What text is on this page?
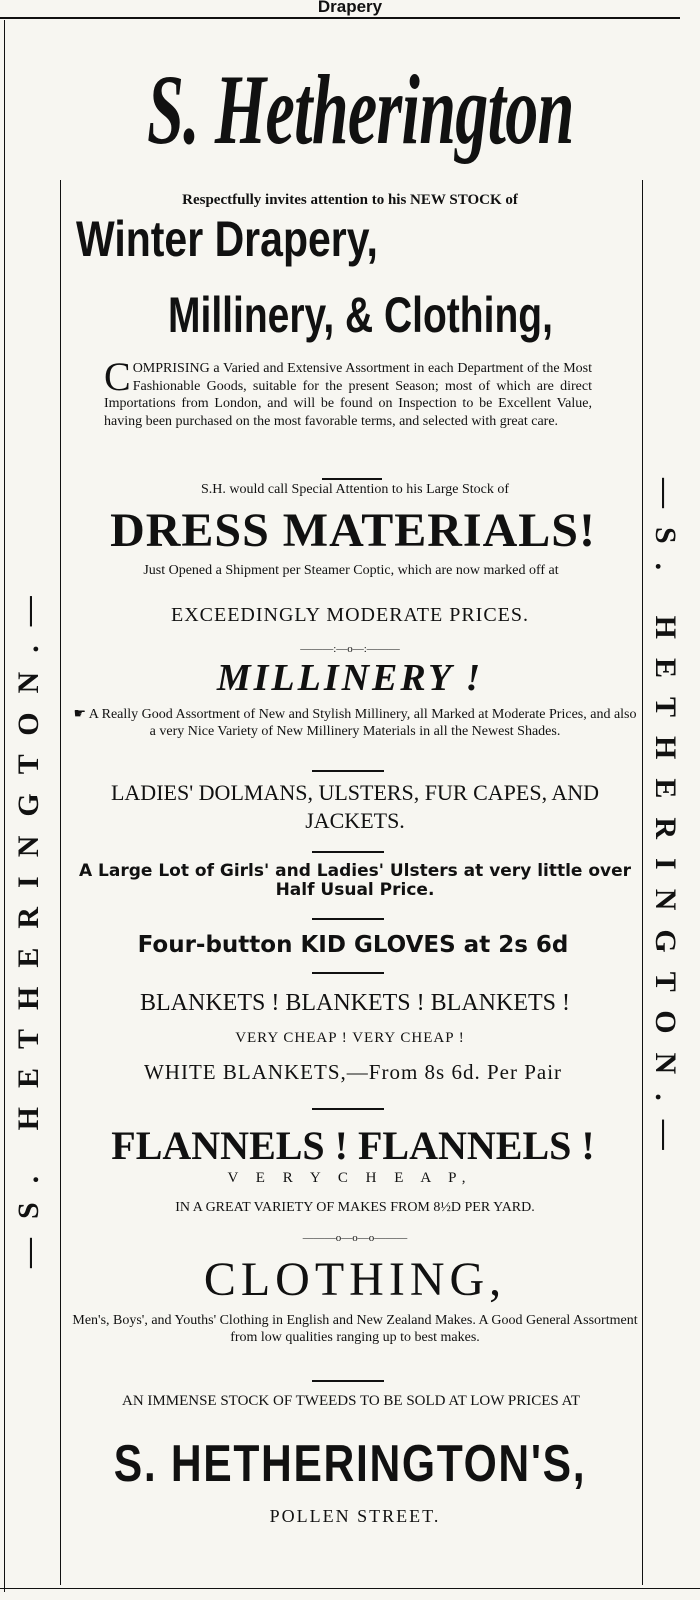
Drapery
—S. HETHERINGTON.—	—S. HETHERINGTON.—
S. Hetherington
Respectfully invites attention to his NEW STOCK of
Winter Drapery,
Millinery, & Clothing,
COMPRISING a Varied and Extensive Assortment in each Department of the Most Fashionable Goods, suitable for the present Season; most of which are direct Importations from London, and will be found on Inspection to be Excellent Value, having been purchased on the most favorable terms, and selected with great care.
S.H. would call Special Attention to his Large Stock of
DRESS MATERIALS!
Just Opened a Shipment per Steamer Coptic, which are now marked off at
EXCEEDINGLY MODERATE PRICES.
———:—o—:———
MILLINERY !
☛ A Really Good Assortment of New and Stylish Millinery, all Marked at Moderate Prices, and also a very Nice Variety of New Millinery Materials in all the Newest Shades.
LADIES' DOLMANS, ULSTERS, FUR CAPES, AND JACKETS.
A Large Lot of Girls' and Ladies' Ulsters at very little over Half Usual Price.
Four-button KID GLOVES at 2s 6d
BLANKETS ! BLANKETS ! BLANKETS !
VERY CHEAP ! VERY CHEAP !
WHITE BLANKETS,—From 8s 6d. Per Pair
FLANNELS ! FLANNELS !
V E R Y C H E A P,
IN A GREAT VARIETY OF MAKES FROM 8½D PER YARD.
———o—o—o———
CLOTHING,
Men's, Boys', and Youths' Clothing in English and New Zealand Makes. A Good General Assortment from low qualities ranging up to best makes.
AN IMMENSE STOCK OF TWEEDS TO BE SOLD AT LOW PRICES AT
S. HETHERINGTON'S,
POLLEN STREET.
